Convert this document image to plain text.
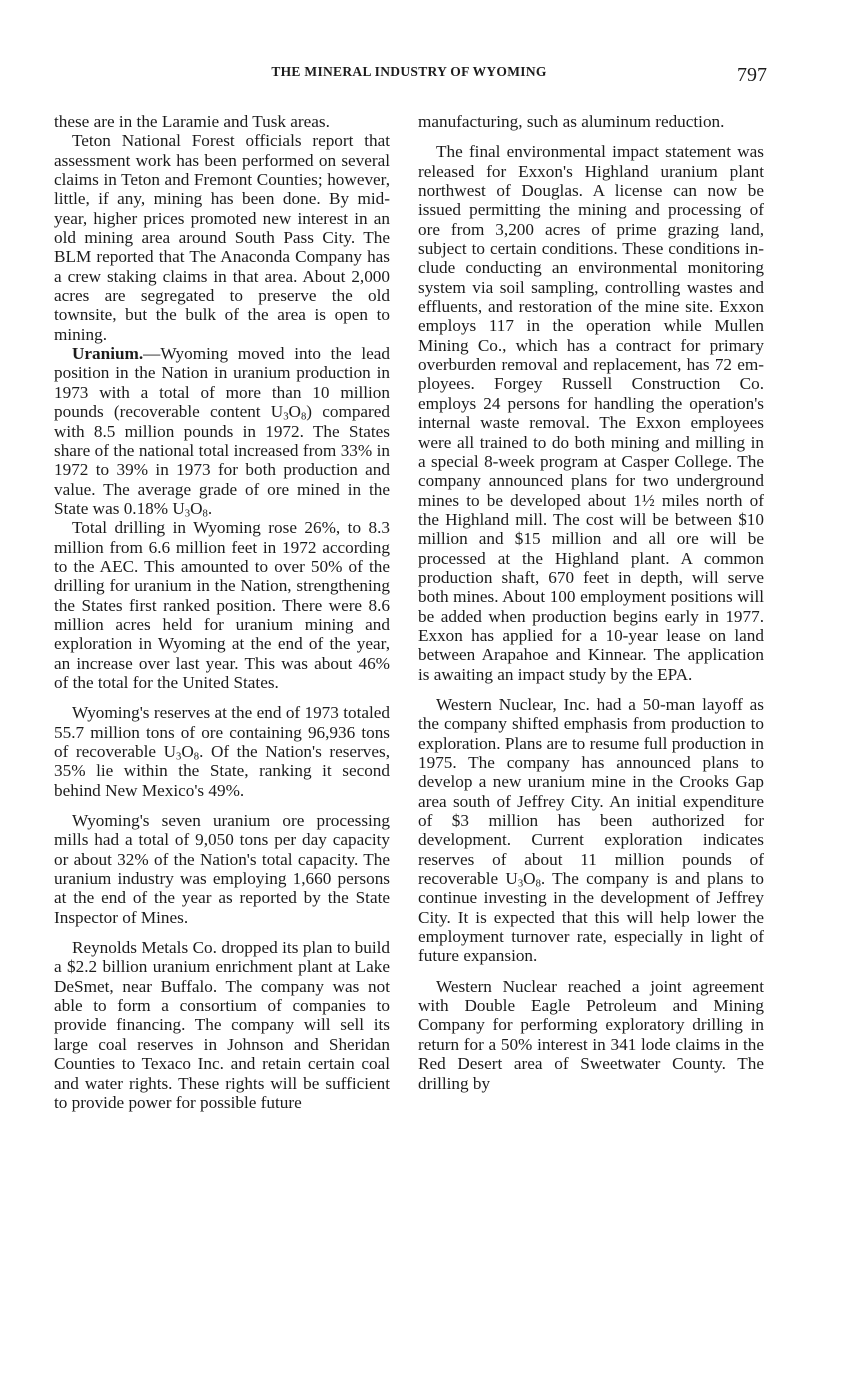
THE MINERAL INDUSTRY OF WYOMING	797

these are in the Laramie and Tusk areas.

Teton National Forest officials report that assessment work has been performed on several claims in Teton and Fremont Counties; however, little, if any, mining has been done. By mid-year, higher prices promoted new interest in an old mining area around South Pass City. The BLM reported that The Anaconda Company has a crew staking claims in that area. About 2,000 acres are segregated to preserve the old townsite, but the bulk of the area is open to mining.

Uranium.—Wyoming moved into the lead position in the Nation in uranium production in 1973 with a total of more than 10 million pounds (recoverable content $U_3O_8$) compared with 8.5 million pounds in 1972. The States share of the national total increased from 33% in 1972 to 39% in 1973 for both production and value. The average grade of ore mined in the State was 0.18% $U_3O_8$.

Total drilling in Wyoming rose 26%, to 8.3 million from 6.6 million feet in 1972 according to the AEC. This amounted to over 50% of the drilling for uranium in the Nation, strengthening the States first ranked position. There were 8.6 million acres held for uranium mining and exploration in Wyoming at the end of the year, an increase over last year. This was about 46% of the total for the United States.

Wyoming's reserves at the end of 1973 totaled 55.7 million tons of ore containing 96,936 tons of recoverable $U_3O_8$. Of the Nation's reserves, 35% lie within the State, ranking it second behind New Mexico's 49%.

Wyoming's seven uranium ore processing mills had a total of 9,050 tons per day capacity or about 32% of the Nation's total capacity. The uranium industry was employing 1,660 persons at the end of the year as reported by the State Inspector of Mines.

Reynolds Metals Co. dropped its plan to build a $2.2 billion uranium enrichment plant at Lake DeSmet, near Buffalo. The company was not able to form a consortium of companies to provide financing. The company will sell its large coal reserves in Johnson and Sheridan Counties to Texaco Inc. and retain certain coal and water rights. These rights will be sufficient to provide power for possible future

manufacturing, such as aluminum reduction.

The final environmental impact statement was released for Exxon's Highland uranium plant northwest of Douglas. A license can now be issued permitting the mining and processing of ore from 3,200 acres of prime grazing land, subject to certain conditions. These conditions include conducting an environmental monitoring system via soil sampling, controlling wastes and effluents, and restoration of the mine site. Exxon employs 117 in the operation while Mullen Mining Co., which has a contract for primary overburden removal and replacement, has 72 employees. Forgey Russell Construction Co. employs 24 persons for handling the operation's internal waste removal. The Exxon employees were all trained to do both mining and milling in a special 8-week program at Casper College. The company announced plans for two underground mines to be developed about 1½ miles north of the Highland mill. The cost will be between $10 million and $15 million and all ore will be processed at the Highland plant. A common production shaft, 670 feet in depth, will serve both mines. About 100 employment positions will be added when production begins early in 1977. Exxon has applied for a 10-year lease on land between Arapahoe and Kinnear. The application is awaiting an impact study by the EPA.

Western Nuclear, Inc. had a 50-man layoff as the company shifted emphasis from production to exploration. Plans are to resume full production in 1975. The company has announced plans to develop a new uranium mine in the Crooks Gap area south of Jeffrey City. An initial expenditure of $3 million has been authorized for development. Current exploration indicates reserves of about 11 million pounds of recoverable $U_3O_8$. The company is and plans to continue investing in the development of Jeffrey City. It is expected that this will help lower the employment turnover rate, especially in light of future expansion.

Western Nuclear reached a joint agreement with Double Eagle Petroleum and Mining Company for performing exploratory drilling in return for a 50% interest in 341 lode claims in the Red Desert area of Sweetwater County. The drilling by
